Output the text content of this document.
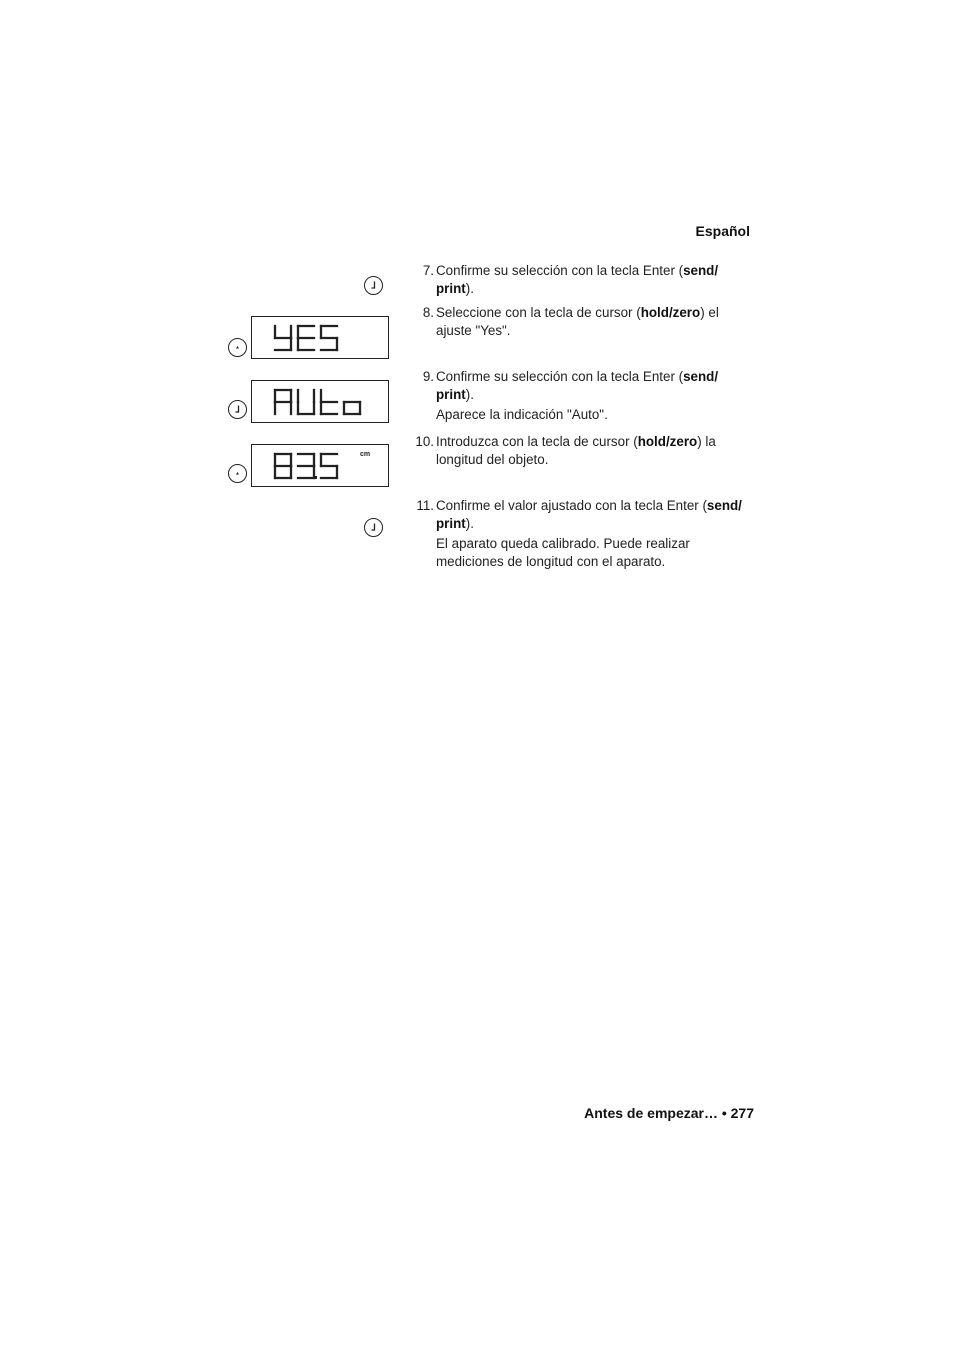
Español
cm
7. Confirme su selección con la tecla Enter (send/ print).
8. Seleccione con la tecla de cursor (hold/zero) el ajuste "Yes".
9. Confirme su selección con la tecla Enter (send/ print).
Aparece la indicación "Auto".
10. Introduzca con la tecla de cursor (hold/zero) la longitud del objeto.
11. Confirme el valor ajustado con la tecla Enter (send/ print).
El aparato queda calibrado. Puede realizar mediciones de longitud con el aparato.
Antes de empezar… • 277
